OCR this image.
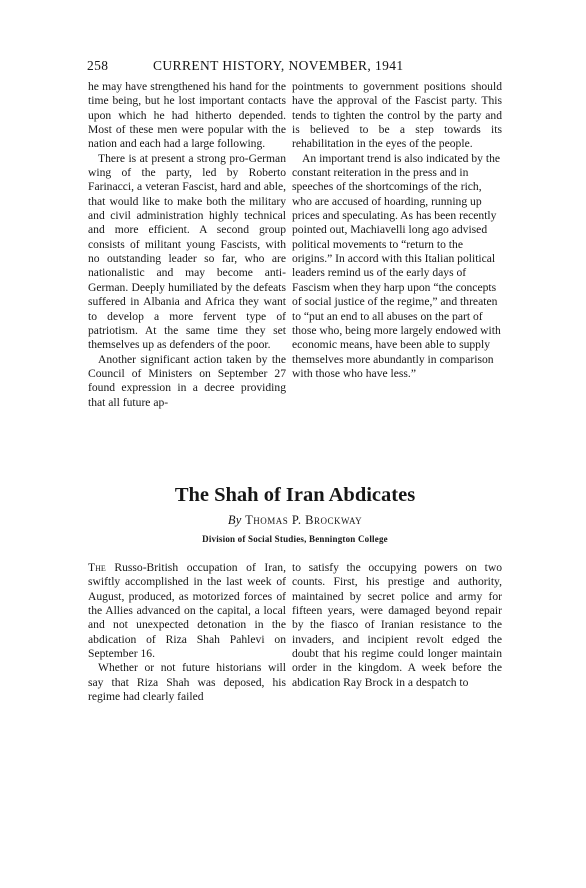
258	CURRENT HISTORY, NOVEMBER, 1941

he may have strengthened his hand for the time being, but he lost important contacts upon which he had hitherto depended. Most of these men were popular with the nation and each had a large following.

There is at present a strong pro-German wing of the party, led by Roberto Farinacci, a veteran Fascist, hard and able, that would like to make both the military and civil administration highly technical and more efficient. A second group consists of militant young Fascists, with no outstanding leader so far, who are nationalistic and may become anti-German. Deeply humiliated by the defeats suffered in Albania and Africa they want to develop a more fervent type of patriotism. At the same time they set themselves up as defenders of the poor.

Another significant action taken by the Council of Ministers on September 27 found expression in a decree providing that all future ap-

pointments to government positions should have the approval of the Fascist party. This tends to tighten the control by the party and is believed to be a step towards its rehabilitation in the eyes of the people.

An important trend is also indicated by the constant reiteration in the press and in speeches of the shortcomings of the rich, who are accused of hoarding, running up prices and speculating. As has been recently pointed out, Machiavelli long ago advised political movements to “return to the origins.” In accord with this Italian political leaders remind us of the early days of Fascism when they harp upon “the concepts of social justice of the regime,” and threaten to “put an end to all abuses on the part of those who, being more largely endowed with economic means, have been able to supply themselves more abundantly in comparison with those who have less.”

The Shah of Iran Abdicates
By Thomas P. Brockway
Division of Social Studies, Bennington College

The Russo-British occupation of Iran, swiftly accomplished in the last week of August, produced, as motorized forces of the Allies advanced on the capital, a local and not unexpected detonation in the abdication of Riza Shah Pahlevi on September 16.

Whether or not future historians will say that Riza Shah was deposed, his regime had clearly failed

to satisfy the occupying powers on two counts. First, his prestige and authority, maintained by secret police and army for fifteen years, were damaged beyond repair by the fiasco of Iranian resistance to the invaders, and incipient revolt edged the doubt that his regime could longer maintain order in the kingdom. A week before the abdication Ray Brock in a despatch to
